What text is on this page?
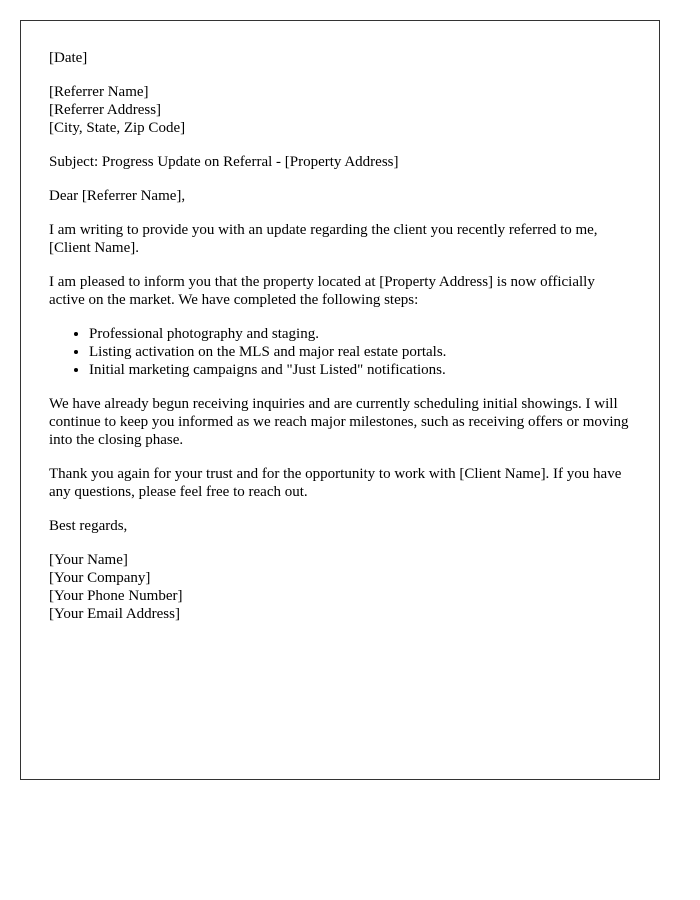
[Date]

[Referrer Name]

[Referrer Address]

[City, State, Zip Code]

Subject: Progress Update on Referral - [Property Address]

Dear [Referrer Name],

I am writing to provide you with an update regarding the client you recently referred to me, [Client Name].

I am pleased to inform you that the property located at [Property Address] is now officially active on the market. We have completed the following steps:

• Professional photography and staging.
• Listing activation on the MLS and major real estate portals.
• Initial marketing campaigns and "Just Listed" notifications.

We have already begun receiving inquiries and are currently scheduling initial showings. I will continue to keep you informed as we reach major milestones, such as receiving offers or moving into the closing phase.

Thank you again for your trust and for the opportunity to work with [Client Name]. If you have any questions, please feel free to reach out.

Best regards,

[Your Name]

[Your Company]

[Your Phone Number]

[Your Email Address]
